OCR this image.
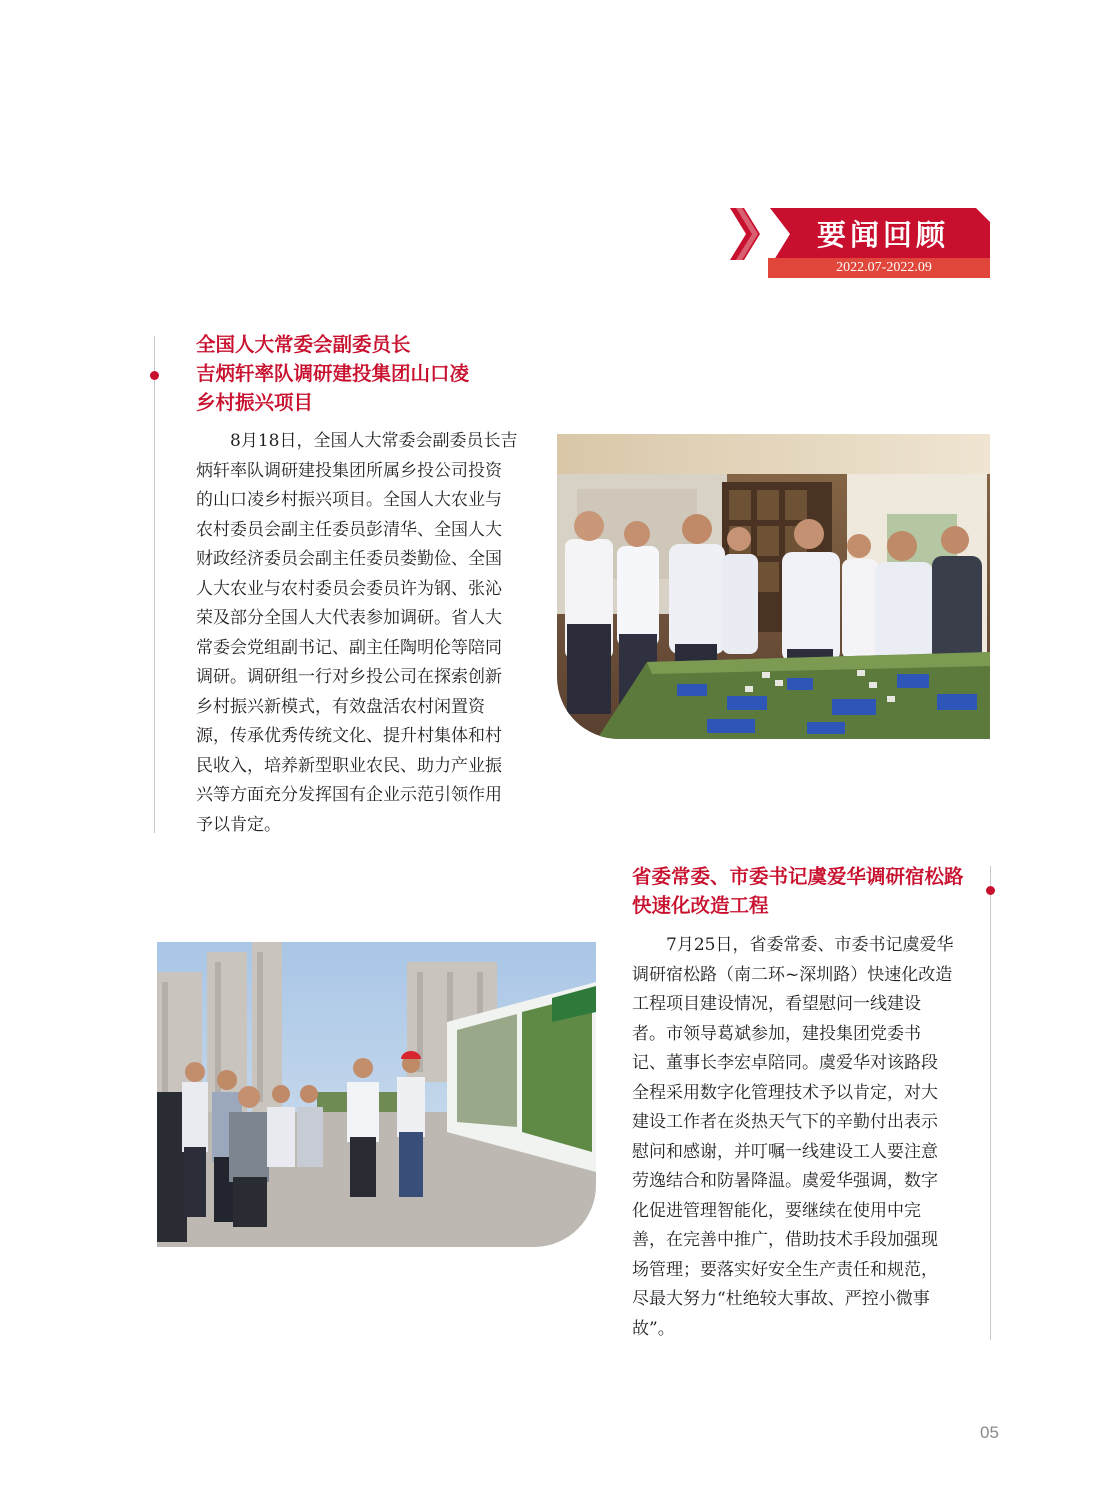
要闻回顾
2022.07-2022.09
全国人大常委会副委员长
吉炳轩率队调研建投集团山口凌
乡村振兴项目
8月18日，全国人大常委会副委员长吉
炳轩率队调研建投集团所属乡投公司投资
的山口凌乡村振兴项目。全国人大农业与
农村委员会副主任委员彭清华、全国人大
财政经济委员会副主任委员娄勤俭、全国
人大农业与农村委员会委员许为钢、张沁
荣及部分全国人大代表参加调研。省人大
常委会党组副书记、副主任陶明伦等陪同
调研。调研组一行对乡投公司在探索创新
乡村振兴新模式，有效盘活农村闲置资
源，传承优秀传统文化、提升村集体和村
民收入，培养新型职业农民、助力产业振
兴等方面充分发挥国有企业示范引领作用
予以肯定。
省委常委、市委书记虞爱华调研宿松路
快速化改造工程
7月25日，省委常委、市委书记虞爱华
调研宿松路（南二环~深圳路）快速化改造
工程项目建设情况，看望慰问一线建设
者。市领导葛斌参加，建投集团党委书
记、董事长李宏卓陪同。虞爱华对该路段
全程采用数字化管理技术予以肯定，对大
建设工作者在炎热天气下的辛勤付出表示
慰问和感谢，并叮嘱一线建设工人要注意
劳逸结合和防暑降温。虞爱华强调，数字
化促进管理智能化，要继续在使用中完
善，在完善中推广，借助技术手段加强现
场管理；要落实好安全生产责任和规范，
尽最大努力“杜绝较大事故、严控小微事
故”。
05
